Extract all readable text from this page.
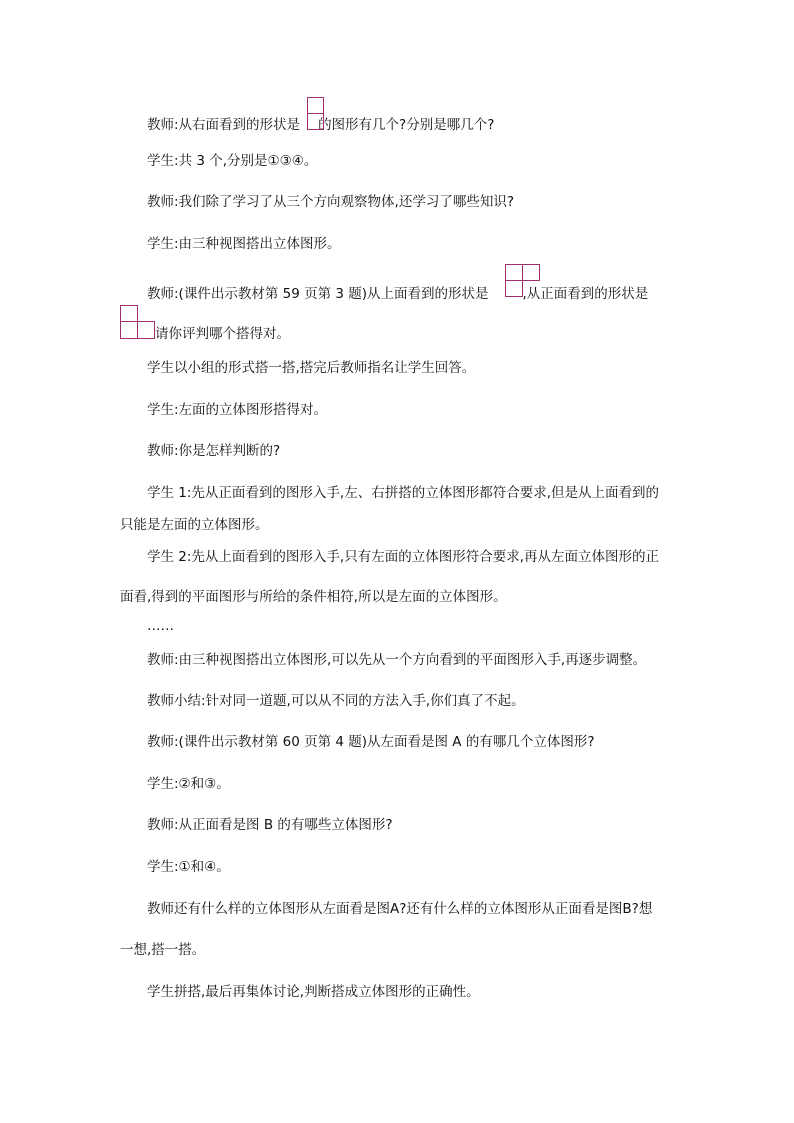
教师:从右面看到的形状是 的图形有几个?分别是哪几个?
学生:共 3 个,分别是①③④。
教师:我们除了学习了从三个方向观察物体,还学习了哪些知识?
学生:由三种视图搭出立体图形。
教师:(课件出示教材第 59 页第 3 题)从上面看到的形状是	,从正面看到的形状是
请你评判哪个搭得对。
学生以小组的形式搭一搭,搭完后教师指名让学生回答。
学生:左面的立体图形搭得对。
教师:你是怎样判断的?
学生 1:先从正面看到的图形入手,左、右拼搭的立体图形都符合要求,但是从上面看到的
只能是左面的立体图形。
学生 2:先从上面看到的图形入手,只有左面的立体图形符合要求,再从左面立体图形的正
面看,得到的平面图形与所给的条件相符,所以是左面的立体图形。
……
教师:由三种视图搭出立体图形,可以先从一个方向看到的平面图形入手,再逐步调整。
教师小结:针对同一道题,可以从不同的方法入手,你们真了不起。
教师:(课件出示教材第 60 页第 4 题)从左面看是图 A 的有哪几个立体图形?
学生:②和③。
教师:从正面看是图 B 的有哪些立体图形?
学生:①和④。
教师还有什么样的立体图形从左面看是图A?还有什么样的立体图形从正面看是图B?想
一想,搭一搭。
学生拼搭,最后再集体讨论,判断搭成立体图形的正确性。
